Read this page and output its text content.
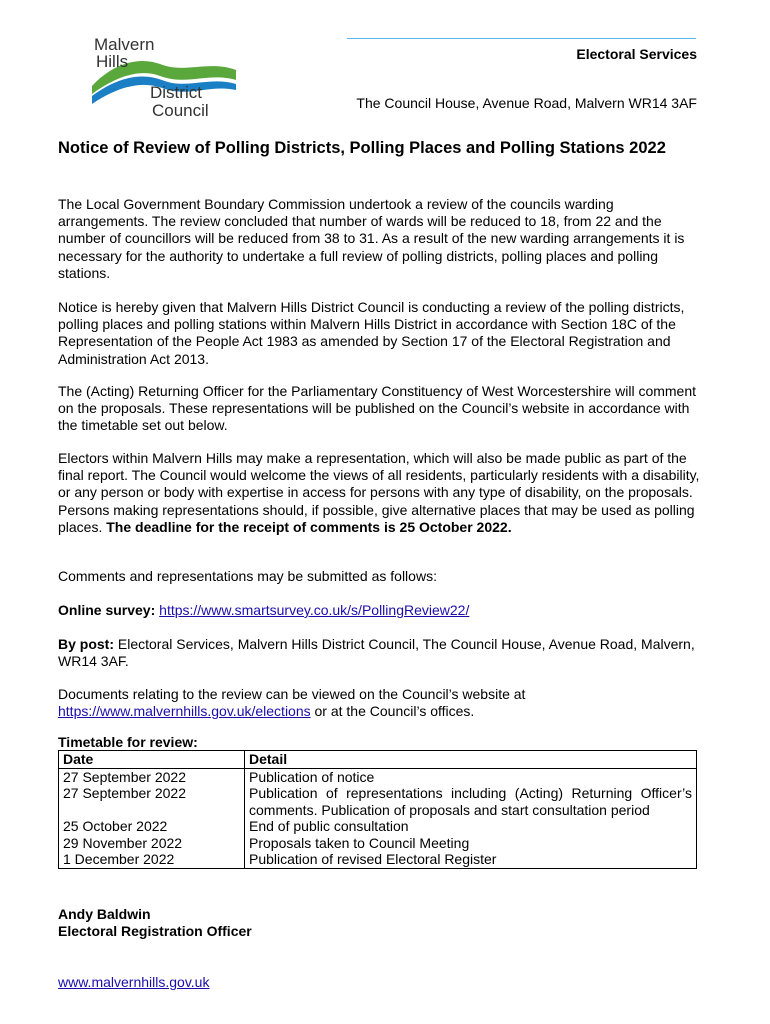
Malvern
Hills
District
Council
Electoral Services
The Council House, Avenue Road, Malvern WR14 3AF
Notice of Review of Polling Districts, Polling Places and Polling Stations 2022

The Local Government Boundary Commission undertook a review of the councils warding arrangements. The review concluded that number of wards will be reduced to 18, from 22 and the number of councillors will be reduced from 38 to 31. As a result of the new warding arrangements it is necessary for the authority to undertake a full review of polling districts, polling places and polling stations.

Notice is hereby given that Malvern Hills District Council is conducting a review of the polling districts, polling places and polling stations within Malvern Hills District in accordance with Section 18C of the Representation of the People Act 1983 as amended by Section 17 of the Electoral Registration and Administration Act 2013.

The (Acting) Returning Officer for the Parliamentary Constituency of West Worcestershire will comment on the proposals. These representations will be published on the Council’s website in accordance with the timetable set out below.

Electors within Malvern Hills may make a representation, which will also be made public as part of the final report. The Council would welcome the views of all residents, particularly residents with a disability, or any person or body with expertise in access for persons with any type of disability, on the proposals. Persons making representations should, if possible, give alternative places that may be used as polling places. The deadline for the receipt of comments is 25 October 2022.

Comments and representations may be submitted as follows:

Online survey: https://www.smartsurvey.co.uk/s/PollingReview22/

By post: Electoral Services, Malvern Hills District Council, The Council House, Avenue Road, Malvern, WR14 3AF.

Documents relating to the review can be viewed on the Council’s website at https://www.malvernhills.gov.uk/elections or at the Council’s offices.

Timetable for review:
Date	Detail
27 September 2022	Publication of notice
27 September 2022	Publication of representations including (Acting) Returning Officer’s comments. Publication of proposals and start consultation period
25 October 2022	End of public consultation
29 November 2022	Proposals taken to Council Meeting
1 December 2022	Publication of revised Electoral Register
Andy Baldwin
Electoral Registration Officer
www.malvernhills.gov.uk
